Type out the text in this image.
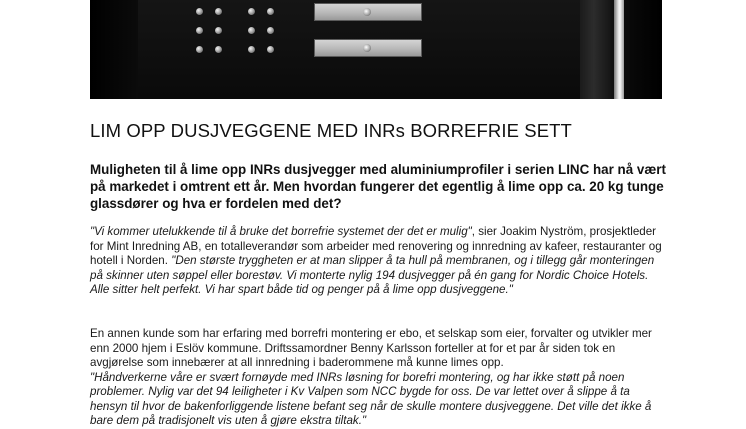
LIM OPP DUSJVEGGENE MED INRs BORREFRIE SETT

Muligheten til å lime opp INRs dusjvegger med aluminiumprofiler i serien LINC har nå vært på markedet i omtrent ett år. Men hvordan fungerer det egentlig å lime opp ca. 20 kg tunge glassdører og hva er fordelen med det?

"Vi kommer utelukkende til å bruke det borrefrie systemet der det er mulig", sier Joakim Nyström, prosjektleder for Mint Inredning AB, en totalleverandør som arbeider med renovering og innredning av kafeer, restauranter og hotell i Norden. "Den største tryggheten er at man slipper å ta hull på membranen, og i tillegg går monteringen på skinner uten søppel eller borestøv. Vi monterte nylig 194 dusjvegger på én gang for Nordic Choice Hotels. Alle sitter helt perfekt. Vi har spart både tid og penger på å lime opp dusjveggene."

En annen kunde som har erfaring med borrefri montering er ebo, et selskap som eier, forvalter og utvikler mer enn 2000 hjem i Eslöv kommune. Driftssamordner Benny Karlsson forteller at for et par år siden tok en avgjørelse som innebærer at all innredning i baderommene må kunne limes opp.
"Håndverkerne våre er svært fornøyde med INRs løsning for borefri montering, og har ikke støtt på noen problemer. Nylig var det 94 leiligheter i Kv Valpen som NCC bygde for oss. De var lettet over å slippe å ta hensyn til hvor de bakenforliggende listene befant seg når de skulle montere dusjveggene. Det ville det ikke å bare dem på tradisjonelt vis uten å gjøre ekstra tiltak."
